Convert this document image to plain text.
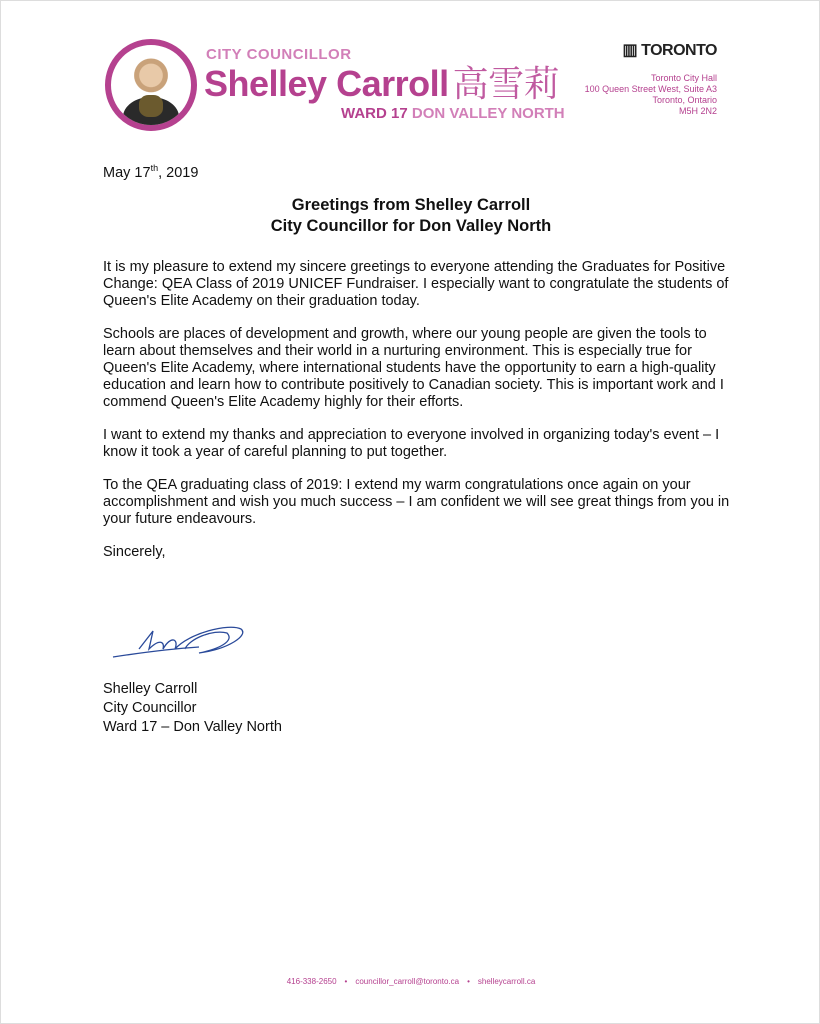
CITY COUNCILLOR
Shelley Carroll 高雪莉
WARD 17 DON VALLEY NORTH
▥ TORONTO
Toronto City Hall
100 Queen Street West, Suite A3
Toronto, Ontario
M5H 2N2
May 17th, 2019
Greetings from Shelley Carroll
City Councillor for Don Valley North

It is my pleasure to extend my sincere greetings to everyone attending the Graduates for Positive Change: QEA Class of 2019 UNICEF Fundraiser. I especially want to congratulate the students of Queen's Elite Academy on their graduation today.

Schools are places of development and growth, where our young people are given the tools to learn about themselves and their world in a nurturing environment. This is especially true for Queen's Elite Academy, where international students have the opportunity to earn a high-quality education and learn how to contribute positively to Canadian society. This is important work and I commend Queen's Elite Academy highly for their efforts.

I want to extend my thanks and appreciation to everyone involved in organizing today's event – I know it took a year of careful planning to put together.

To the QEA graduating class of 2019: I extend my warm congratulations once again on your accomplishment and wish you much success – I am confident we will see great things from you in your future endeavours.

Sincerely,

Shelley Carroll
City Councillor
Ward 17 – Don Valley North
416-338-2650 • councillor_carroll@toronto.ca • shelleycarroll.ca
